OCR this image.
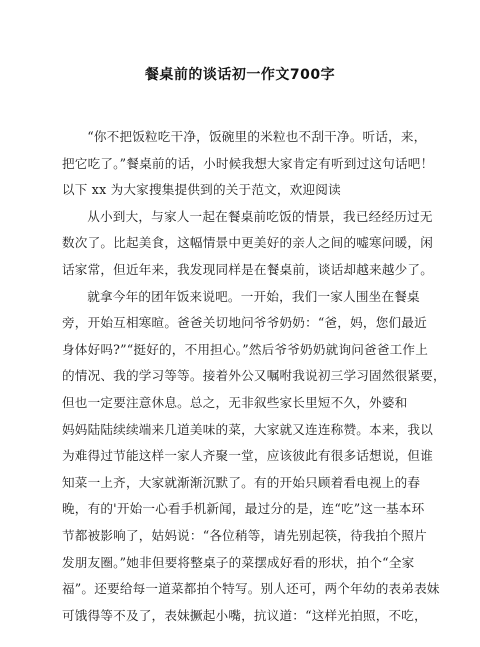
餐桌前的谈话初一作文700字
“你不把饭粒吃干净，饭碗里的米粒也不刮干净。听话，来，
把它吃了。”餐桌前的话，小时候我想大家肯定有听到过这句话吧！
以下 xx 为大家搜集提供到的关于范文，欢迎阅读
从小到大，与家人一起在餐桌前吃饭的情景，我已经经历过无
数次了。比起美食，这幅情景中更美好的亲人之间的嘘寒问暖，闲
话家常，但近年来，我发现同样是在餐桌前，谈话却越来越少了。
就拿今年的团年饭来说吧。一开始，我们一家人围坐在餐桌
旁，开始互相寒暄。爸爸关切地问爷爷奶奶：“爸，妈，您们最近
身体好吗?”“挺好的，不用担心。”然后爷爷奶奶就询问爸爸工作上
的情况、我的学习等等。接着外公又嘱咐我说初三学习固然很紧要，
但也一定要注意休息。总之，无非叙些家长里短不久，外婆和
妈妈陆陆续续端来几道美味的菜，大家就又连连称赞。本来，我以
为难得过节能这样一家人齐聚一堂，应该彼此有很多话想说，但谁
知菜一上齐，大家就渐渐沉默了。有的开始只顾着看电视上的春
晚，有的'开始一心看手机新闻，最过分的是，连“吃”这一基本环
节都被影响了，姑妈说：“各位稍等，请先别起筷，待我拍个照片
发朋友圈。”她非但要将整桌子的菜摆成好看的形状，拍个“全家
福”。还要给每一道菜都拍个特写。别人还可，两个年幼的表弟表妹
可饿得等不及了，表妹撅起小嘴，抗议道：“这样光拍照，不吃，
